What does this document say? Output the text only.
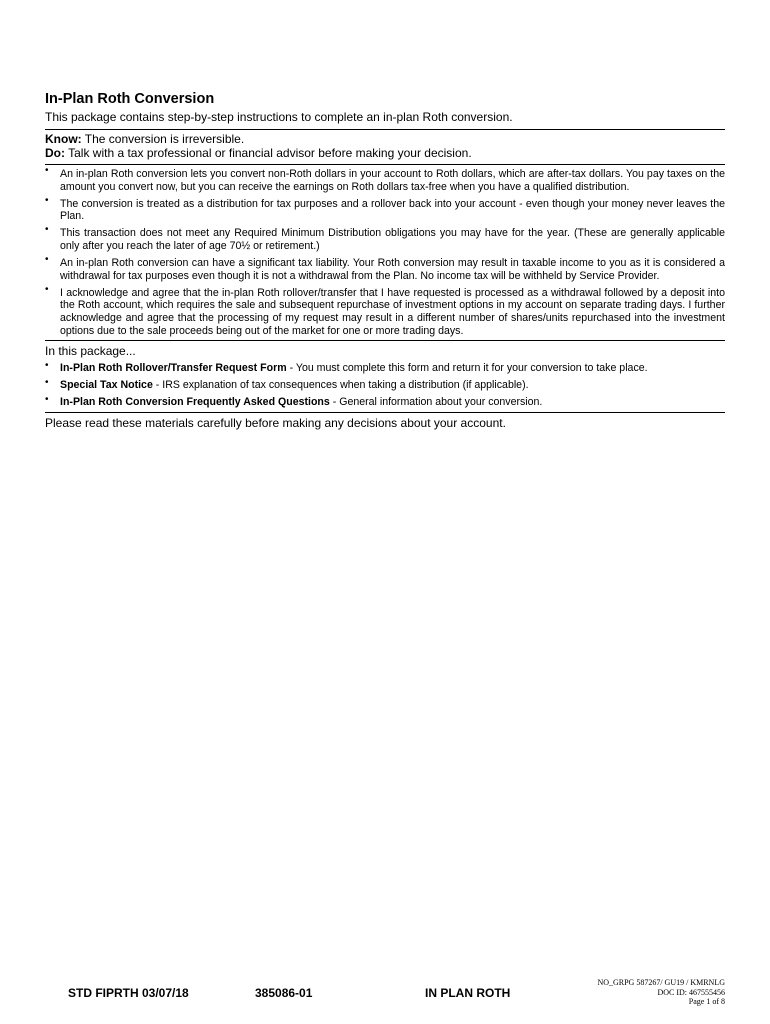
In-Plan Roth Conversion

This package contains step-by-step instructions to complete an in-plan Roth conversion.

Know: The conversion is irreversible.

Do: Talk with a tax professional or financial advisor before making your decision.

• An in-plan Roth conversion lets you convert non-Roth dollars in your account to Roth dollars, which are after-tax dollars. You pay taxes on the amount you convert now, but you can receive the earnings on Roth dollars tax-free when you have a qualified distribution.
• The conversion is treated as a distribution for tax purposes and a rollover back into your account - even though your money never leaves the Plan.
• This transaction does not meet any Required Minimum Distribution obligations you may have for the year. (These are generally applicable only after you reach the later of age 70½ or retirement.)
• An in-plan Roth conversion can have a significant tax liability. Your Roth conversion may result in taxable income to you as it is considered a withdrawal for tax purposes even though it is not a withdrawal from the Plan. No income tax will be withheld by Service Provider.
• I acknowledge and agree that the in-plan Roth rollover/transfer that I have requested is processed as a withdrawal followed by a deposit into the Roth account, which requires the sale and subsequent repurchase of investment options in my account on separate trading days. I further acknowledge and agree that the processing of my request may result in a different number of shares/units repurchased into the investment options due to the sale proceeds being out of the market for one or more trading days.

In this package...

• In-Plan Roth Rollover/Transfer Request Form - You must complete this form and return it for your conversion to take place.
• Special Tax Notice - IRS explanation of tax consequences when taking a distribution (if applicable).
• In-Plan Roth Conversion Frequently Asked Questions - General information about your conversion.

Please read these materials carefully before making any decisions about your account.

STD FIPRTH 03/07/18	385086-01	IN PLAN ROTH
NO_GRPG 587267/ GU19 / KMRNLG
DOC ID: 467555456
Page 1 of 8
